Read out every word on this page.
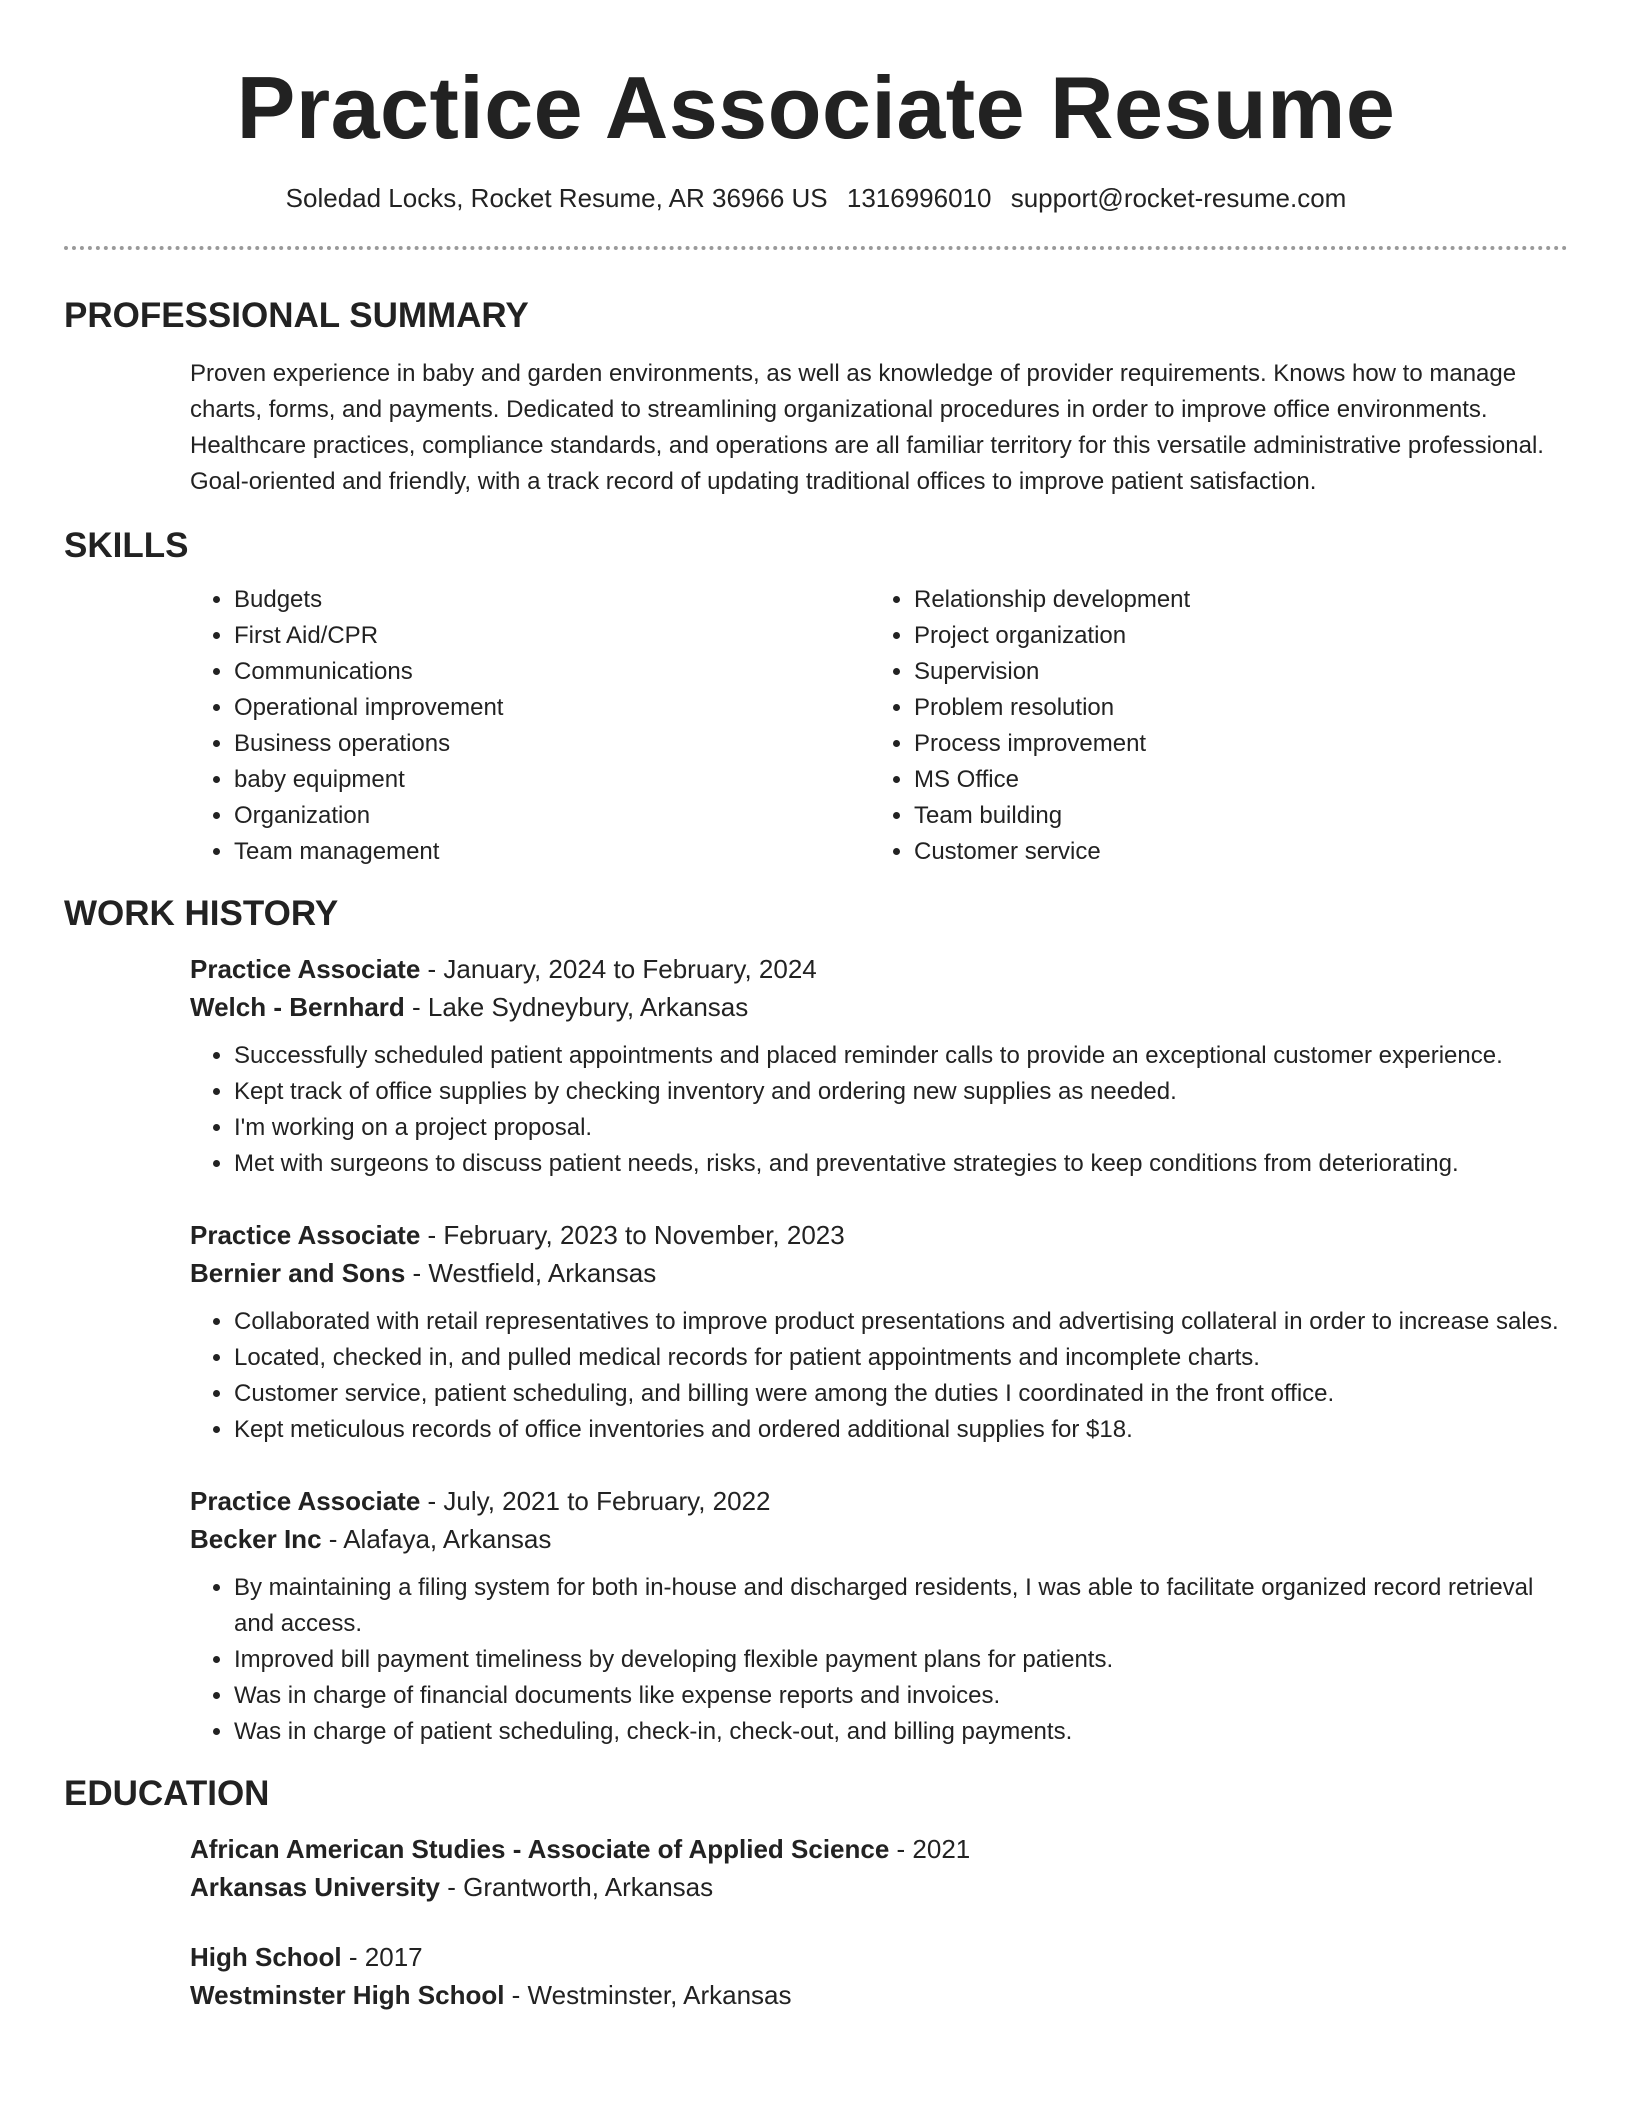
Practice Associate Resume
Soledad Locks, Rocket Resume, AR 36966 US 1316996010 support@rocket-resume.com
PROFESSIONAL SUMMARY
Proven experience in baby and garden environments, as well as knowledge of provider requirements. Knows how to manage charts, forms, and payments. Dedicated to streamlining organizational procedures in order to improve office environments. Healthcare practices, compliance standards, and operations are all familiar territory for this versatile administrative professional. Goal-oriented and friendly, with a track record of updating traditional offices to improve patient satisfaction.
SKILLS
• Budgets
• First Aid/CPR
• Communications
• Operational improvement
• Business operations
• baby equipment
• Organization
• Team management
• Relationship development
• Project organization
• Supervision
• Problem resolution
• Process improvement
• MS Office
• Team building
• Customer service
WORK HISTORY
Practice Associate - January, 2024 to February, 2024
Welch - Bernhard - Lake Sydneybury, Arkansas
• Successfully scheduled patient appointments and placed reminder calls to provide an exceptional customer experience.
• Kept track of office supplies by checking inventory and ordering new supplies as needed.
• I'm working on a project proposal.
• Met with surgeons to discuss patient needs, risks, and preventative strategies to keep conditions from deteriorating.
Practice Associate - February, 2023 to November, 2023
Bernier and Sons - Westfield, Arkansas
• Collaborated with retail representatives to improve product presentations and advertising collateral in order to increase sales.
• Located, checked in, and pulled medical records for patient appointments and incomplete charts.
• Customer service, patient scheduling, and billing were among the duties I coordinated in the front office.
• Kept meticulous records of office inventories and ordered additional supplies for $18.
Practice Associate - July, 2021 to February, 2022
Becker Inc - Alafaya, Arkansas
• By maintaining a filing system for both in-house and discharged residents, I was able to facilitate organized record retrieval and access.
• Improved bill payment timeliness by developing flexible payment plans for patients.
• Was in charge of financial documents like expense reports and invoices.
• Was in charge of patient scheduling, check-in, check-out, and billing payments.
EDUCATION
African American Studies - Associate of Applied Science - 2021
Arkansas University - Grantworth, Arkansas
High School - 2017
Westminster High School - Westminster, Arkansas
